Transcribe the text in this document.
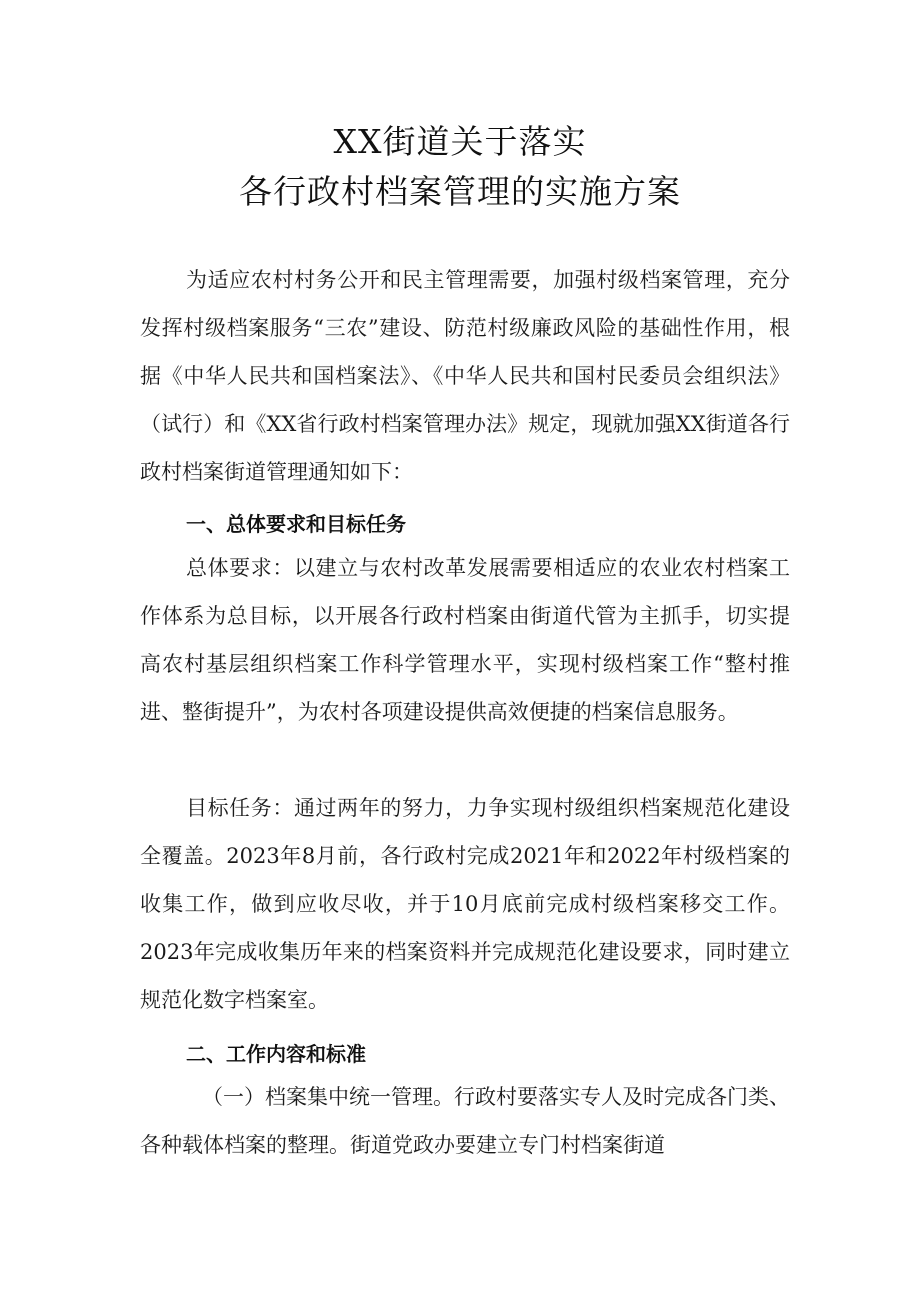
XX街道关于落实
各行政村档案管理的实施方案

为适应农村村务公开和民主管理需要，加强村级档案管理，充分发挥村级档案服务“三农”建设、防范村级廉政风险的基础性作用，根据《中华人民共和国档案法》、《中华人民共和国村民委员会组织法》（试行）和《XX省行政村档案管理办法》规定，现就加强XX街道各行政村档案街道管理通知如下：

一、总体要求和目标任务

总体要求：以建立与农村改革发展需要相适应的农业农村档案工作体系为总目标，以开展各行政村档案由街道代管为主抓手，切实提高农村基层组织档案工作科学管理水平，实现村级档案工作“整村推进、整街提升”，为农村各项建设提供高效便捷的档案信息服务。

目标任务：通过两年的努力，力争实现村级组织档案规范化建设全覆盖。2023年8月前，各行政村完成2021年和2022年村级档案的收集工作，做到应收尽收，并于10月底前完成村级档案移交工作。2023年完成收集历年来的档案资料并完成规范化建设要求，同时建立规范化数字档案室。

二、工作内容和标准

（一）档案集中统一管理。行政村要落实专人及时完成各门类、各种载体档案的整理。街道党政办要建立专门村档案街道
